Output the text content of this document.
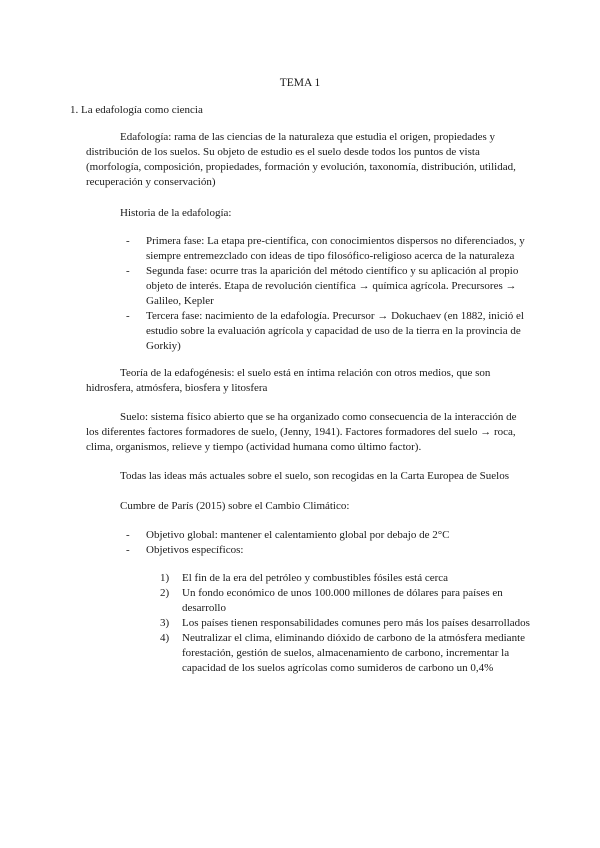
TEMA 1
1. La edafología como ciencia
Edafología: rama de las ciencias de la naturaleza que estudia el origen, propiedades y distribución de los suelos. Su objeto de estudio es el suelo desde todos los puntos de vista (morfología, composición, propiedades, formación y evolución, taxonomía, distribución, utilidad, recuperación y conservación)
Historia de la edafología:
- Primera fase: La etapa pre-científica, con conocimientos dispersos no diferenciados, y siempre entremezclado con ideas de tipo filosófico-religioso acerca de la naturaleza
- Segunda fase: ocurre tras la aparición del método científico y su aplicación al propio objeto de interés. Etapa de revolución científica → química agrícola. Precursores → Galileo, Kepler
- Tercera fase: nacimiento de la edafología. Precursor → Dokuchaev (en 1882, inició el estudio sobre la evaluación agrícola y capacidad de uso de la tierra en la provincia de Gorkiy)
Teoría de la edafogénesis: el suelo está en íntima relación con otros medios, que son hidrosfera, atmósfera, biosfera y litosfera
Suelo: sistema físico abierto que se ha organizado como consecuencia de la interacción de los diferentes factores formadores de suelo, (Jenny, 1941). Factores formadores del suelo → roca, clima, organismos, relieve y tiempo (actividad humana como último factor).
Todas las ideas más actuales sobre el suelo, son recogidas en la Carta Europea de Suelos
Cumbre de París (2015) sobre el Cambio Climático:
- Objetivo global: mantener el calentamiento global por debajo de 2°C
- Objetivos específicos:
1) El fin de la era del petróleo y combustibles fósiles está cerca
2) Un fondo económico de unos 100.000 millones de dólares para países en desarrollo
3) Los países tienen responsabilidades comunes pero más los países desarrollados
4) Neutralizar el clima, eliminando dióxido de carbono de la atmósfera mediante forestación, gestión de suelos, almacenamiento de carbono, incrementar la capacidad de los suelos agrícolas como sumideros de carbono un 0,4%
